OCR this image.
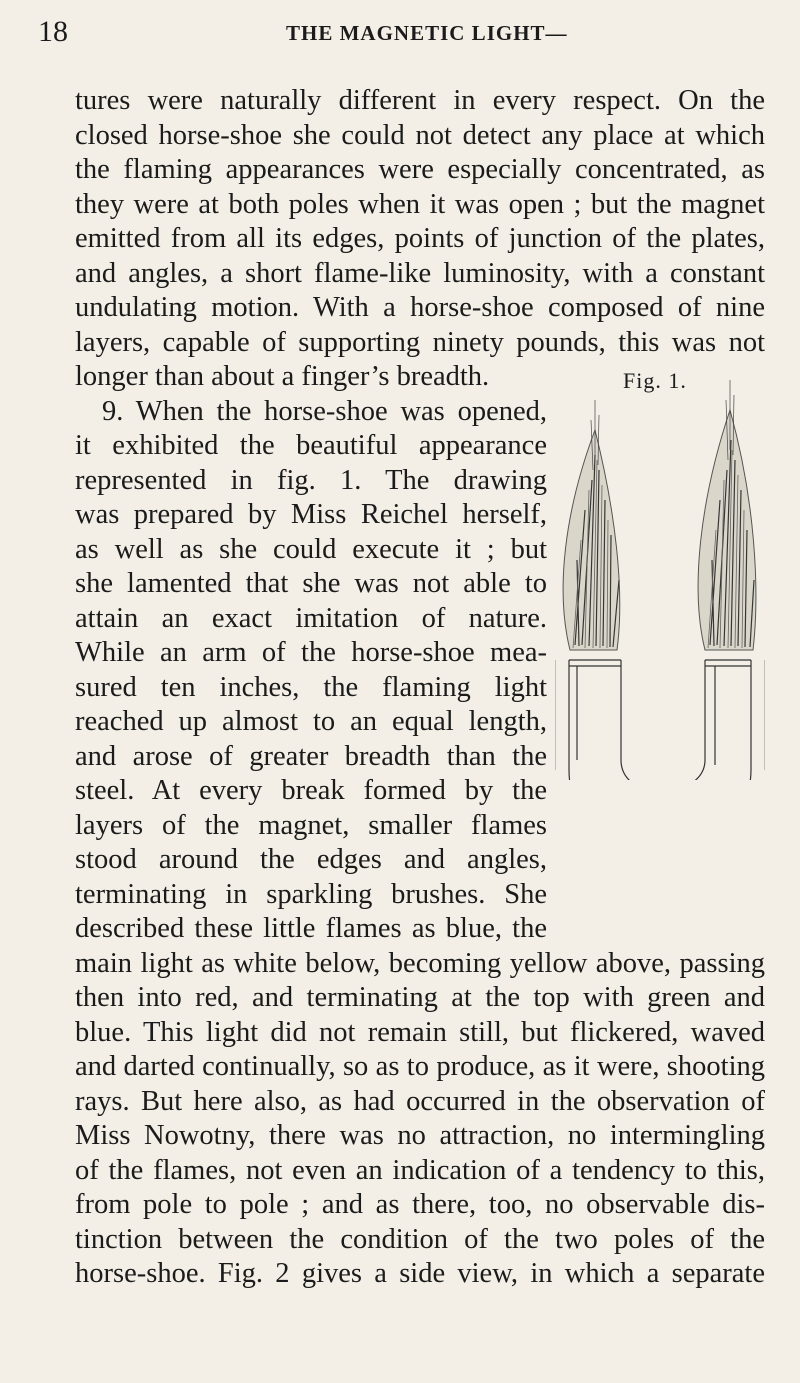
18	THE MAGNETIC LIGHT—
tures were naturally different in every respect. On the
closed horse-shoe she could not detect any place at which
the flaming appearances were especially concentrated, as
they were at both poles when it was open ; but the magnet
emitted from all its edges, points of junction of the plates,
and angles, a short flame-like luminosity, with a constant
undulating motion. With a horse-shoe composed of nine
layers, capable of supporting ninety pounds, this was not
longer than about a finger’s breadth.
9. When the horse-shoe was opened,
it exhibited the beautiful appearance
represented in fig. 1. The drawing
was prepared by Miss Reichel herself,
as well as she could execute it ; but
she lamented that she was not able to
attain an exact imitation of nature.
While an arm of the horse-shoe mea-
sured ten inches, the flaming light
reached up almost to an equal length,
and arose of greater breadth than the
steel. At every break formed by the
layers of the magnet, smaller flames
stood around the edges and angles,
terminating in sparkling brushes. She
described these little flames as blue, the
main light as white below, becoming yellow above, passing
then into red, and terminating at the top with green and
blue. This light did not remain still, but flickered, waved
and darted continually, so as to produce, as it were, shooting
rays. But here also, as had occurred in the observation of
Miss Nowotny, there was no attraction, no intermingling
of the flames, not even an indication of a tendency to this,
from pole to pole ; and as there, too, no observable dis-
tinction between the condition of the two poles of the
horse-shoe. Fig. 2 gives a side view, in which a separate
Fig. 1.
